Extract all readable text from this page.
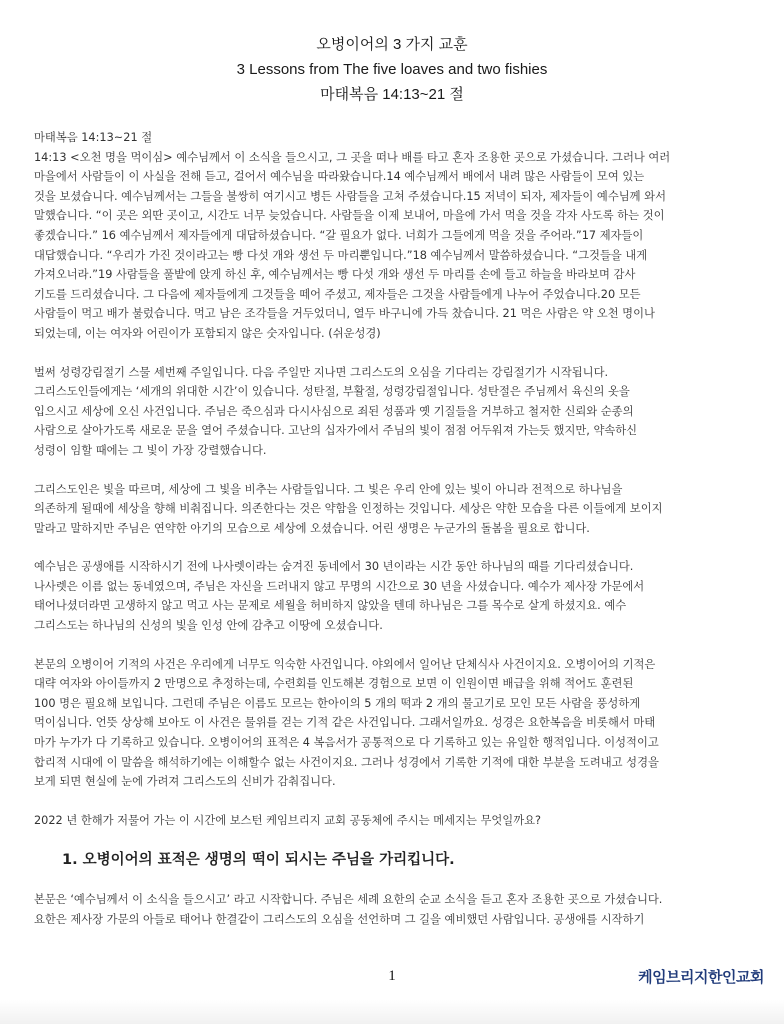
오병이어의 3 가지 교훈
3 Lessons from The five loaves and two fishies
마태복음 14:13~21 절

마태복음 14:13~21 절
14:13 <오천 명을 먹이심> 예수님께서 이 소식을 들으시고, 그 곳을 떠나 배를 타고 혼자 조용한 곳으로 가셨습니다. 그러나 여러
마을에서 사람들이 이 사실을 전해 듣고, 걸어서 예수님을 따라왔습니다.14 예수님께서 배에서 내려 많은 사람들이 모여 있는
것을 보셨습니다. 예수님께서는 그들을 불쌍히 여기시고 병든 사람들을 고쳐 주셨습니다.15 저녁이 되자, 제자들이 예수님께 와서
말했습니다. “이 곳은 외딴 곳이고, 시간도 너무 늦었습니다. 사람들을 이제 보내어, 마을에 가서 먹을 것을 각자 사도록 하는 것이
좋겠습니다.” 16 예수님께서 제자들에게 대답하셨습니다. “갈 필요가 없다. 너희가 그들에게 먹을 것을 주어라.”17 제자들이
대답했습니다. “우리가 가진 것이라고는 빵 다섯 개와 생선 두 마리뿐입니다.”18 예수님께서 말씀하셨습니다. “그것들을 내게
가져오너라.”19 사람들을 풀밭에 앉게 하신 후, 예수님께서는 빵 다섯 개와 생선 두 마리를 손에 들고 하늘을 바라보며 감사
기도를 드리셨습니다. 그 다음에 제자들에게 그것들을 떼어 주셨고, 제자들은 그것을 사람들에게 나누어 주었습니다.20 모든
사람들이 먹고 배가 불렀습니다. 먹고 남은 조각들을 거두었더니, 열두 바구니에 가득 찼습니다. 21 먹은 사람은 약 오천 명이나
되었는데, 이는 여자와 어린이가 포함되지 않은 숫자입니다. (쉬운성경)

벌써 성령강림절기 스물 세번째 주일입니다. 다음 주일만 지나면 그리스도의 오심을 기다리는 강림절기가 시작됩니다.
그리스도인들에게는 ‘세개의 위대한 시간’이 있습니다. 성탄절, 부활절, 성령강림절입니다. 성탄절은 주님께서 육신의 옷을
입으시고 세상에 오신 사건입니다. 주님은 죽으심과 다시사심으로 죄된 성품과 옛 기질들을 거부하고 철저한 신뢰와 순종의
사람으로 살아가도록 새로운 문을 열어 주셨습니다. 고난의 십자가에서 주님의 빛이 점점 어두워져 가는듯 했지만, 약속하신
성령이 임할 때에는 그 빛이 가장 강렬했습니다.

그리스도인은 빛을 따르며, 세상에 그 빛을 비추는 사람들입니다. 그 빛은 우리 안에 있는 빛이 아니라 전적으로 하나님을
의존하게 될때에 세상을 향해 비춰집니다. 의존한다는 것은 약함을 인정하는 것입니다. 세상은 약한 모습을 다른 이들에게 보이지
말라고 말하지만 주님은 연약한 아기의 모습으로 세상에 오셨습니다. 어린 생명은 누군가의 돌봄을 필요로 합니다.

예수님은 공생애를 시작하시기 전에 나사렛이라는 숨겨진 동네에서 30 년이라는 시간 동안 하나님의 때를 기다리셨습니다.
나사렛은 이름 없는 동네였으며, 주님은 자신을 드러내지 않고 무명의 시간으로 30 년을 사셨습니다. 예수가 제사장 가문에서
태어나셨더라면 고생하지 않고 먹고 사는 문제로 세월을 허비하지 않았을 텐데 하나님은 그를 목수로 살게 하셨지요. 예수
그리스도는 하나님의 신성의 빛을 인성 안에 감추고 이땅에 오셨습니다.

본문의 오병이어 기적의 사건은 우리에게 너무도 익숙한 사건입니다. 야외에서 일어난 단체식사 사건이지요. 오병이어의 기적은
대략 여자와 아이들까지 2 만명으로 추정하는데, 수련회를 인도해본 경험으로 보면 이 인원이면 배급을 위해 적어도 훈련된
100 명은 필요해 보입니다. 그런데 주님은 이름도 모르는 한아이의 5 개의 떡과 2 개의 물고기로 모인 모든 사람을 풍성하게
먹이십니다. 언뜻 상상해 보아도 이 사건은 물위를 걷는 기적 같은 사건입니다. 그래서일까요. 성경은 요한복음을 비롯해서 마태
마가 누가가 다 기록하고 있습니다. 오병이어의 표적은 4 복음서가 공통적으로 다 기록하고 있는 유일한 행적입니다. 이성적이고
합리적 시대에 이 말씀을 해석하기에는 이해할수 없는 사건이지요. 그러나 성경에서 기록한 기적에 대한 부분을 도려내고 성경을
보게 되면 현실에 눈에 가려져 그리스도의 신비가 감춰집니다.

2022 년 한해가 저물어 가는 이 시간에 보스턴 케임브리지 교회 공동체에 주시는 메세지는 무엇일까요?

1. 오병이어의 표적은 생명의 떡이 되시는 주님을 가리킵니다.

본문은 ‘예수님께서 이 소식을 들으시고’ 라고 시작합니다. 주님은 세례 요한의 순교 소식을 듣고 혼자 조용한 곳으로 가셨습니다.
요한은 제사장 가문의 아들로 태어나 한결같이 그리스도의 오심을 선언하며 그 길을 예비했던 사람입니다. 공생애를 시작하기

1	케임브리지한인교회
